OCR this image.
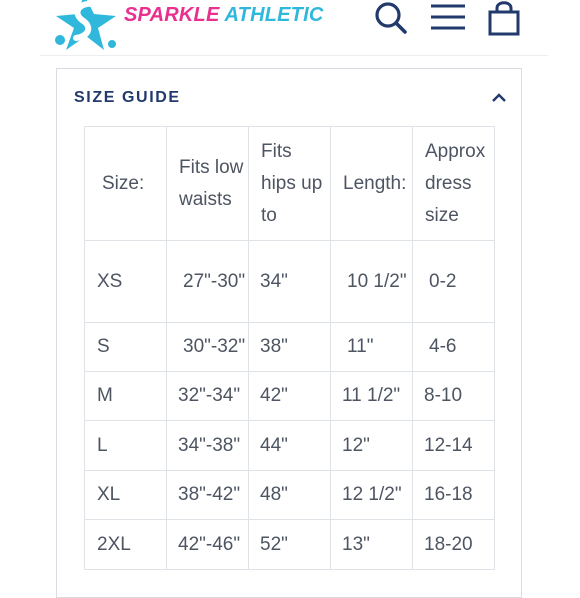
SPARKLE ATHLETIC
SIZE GUIDE
Size:	Fits low waists	Fits hips up to	Length:	Approx dress size
XS	27"-30"	34"	10 1/2"	0-2
S	30"-32"	38"	11"	4-6
M	32"-34"	42"	11 1/2"	8-10
L	34"-38"	44"	12"	12-14
XL	38"-42"	48"	12 1/2"	16-18
2XL	42"-46"	52"	13"	18-20
